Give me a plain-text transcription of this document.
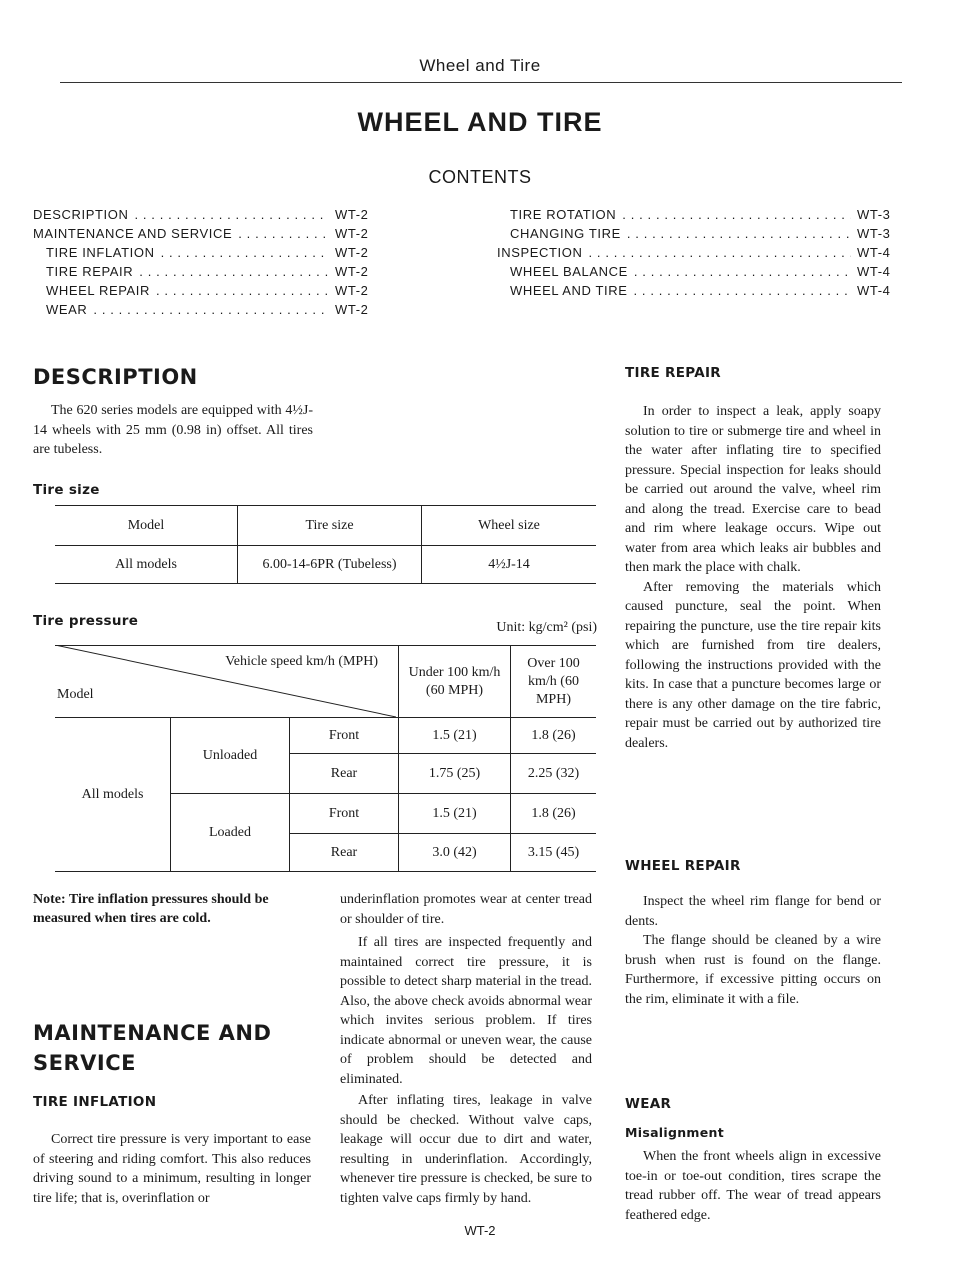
Wheel and Tire
WHEEL AND TIRE
CONTENTS
DESCRIPTION . . .	WT-2
MAINTENANCE AND SERVICE . . .	WT-2
TIRE INFLATION . . .	WT-2
TIRE REPAIR . . .	WT-2
WHEEL REPAIR . . .	WT-2
WEAR . . .	WT-2
TIRE ROTATION . . .	WT-3
CHANGING TIRE . . .	WT-3
INSPECTION . . .	WT-4
WHEEL BALANCE . . .	WT-4
WHEEL AND TIRE . . .	WT-4
DESCRIPTION

The 620 series models are equipped with 4½J-14 wheels with 25 mm (0.98 in) offset. All tires are tubeless.

Tire size
Model	Tire size	Wheel size
All models	6.00-14-6PR (Tubeless)	4½J-14
Tire pressure	Unit: kg/cm² (psi)
Vehicle speed km/h (MPH)
Model			Under 100 km/h (60 MPH)	Over 100 km/h (60 MPH)
All models	Unloaded	Front	1.5 (21)	1.8 (26)
		Rear	1.75 (25)	2.25 (32)
	Loaded	Front	1.5 (21)	1.8 (26)
		Rear	3.0 (42)	3.15 (45)
Note: Tire inflation pressures should be measured when tires are cold.
MAINTENANCE AND SERVICE
TIRE INFLATION

Correct tire pressure is very important to ease of steering and riding comfort. This also reduces driving sound to a minimum, resulting in longer tire life; that is, overinflation or

underinflation promotes wear at center tread or shoulder of tire.

If all tires are inspected frequently and maintained correct tire pressure, it is possible to detect sharp material in the tread. Also, the above check avoids abnormal wear which invites serious problem. If tires indicate abnormal or uneven wear, the cause of problem should be detected and eliminated.

After inflating tires, leakage in valve should be checked. Without valve caps, leakage will occur due to dirt and water, resulting in underinflation. Accordingly, whenever tire pressure is checked, be sure to tighten valve caps firmly by hand.

TIRE REPAIR

In order to inspect a leak, apply soapy solution to tire or submerge tire and wheel in the water after inflating tire to specified pressure. Special inspection for leaks should be carried out around the valve, wheel rim and along the tread. Exercise care to bead and rim where leakage occurs. Wipe out water from area which leaks air bubbles and then mark the place with chalk.

After removing the materials which caused puncture, seal the point. When repairing the puncture, use the tire repair kits which are furnished from tire dealers, following the instructions provided with the kits. In case that a puncture becomes large or there is any other damage on the tire fabric, repair must be carried out by authorized tire dealers.

WHEEL REPAIR

Inspect the wheel rim flange for bend or dents.

The flange should be cleaned by a wire brush when rust is found on the flange. Furthermore, if excessive pitting occurs on the rim, eliminate it with a file.

WEAR
Misalignment

When the front wheels align in excessive toe-in or toe-out condition, tires scrape the tread rubber off. The wear of tread appears feathered edge.

WT-2
